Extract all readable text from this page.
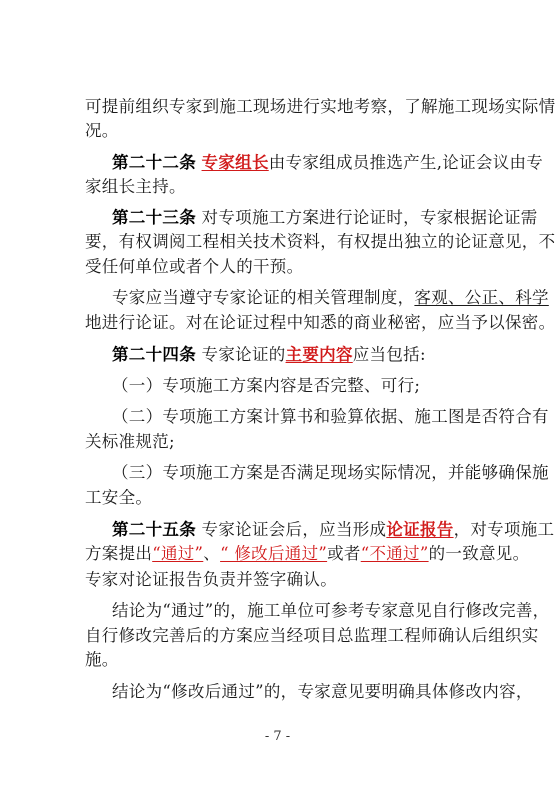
可提前组织专家到施工现场进行实地考察，了解施工现场实际情
况。
第二十二条 专家组长由专家组成员推选产生,论证会议由专
家组长主持。
第二十三条 对专项施工方案进行论证时，专家根据论证需
要，有权调阅工程相关技术资料，有权提出独立的论证意见，不
受任何单位或者个人的干预。
专家应当遵守专家论证的相关管理制度，客观、公正、科学
地进行论证。对在论证过程中知悉的商业秘密，应当予以保密。
第二十四条 专家论证的主要内容应当包括:
（一）专项施工方案内容是否完整、可行;
（二）专项施工方案计算书和验算依据、施工图是否符合有
关标准规范;
（三）专项施工方案是否满足现场实际情况，并能够确保施
工安全。
第二十五条 专家论证会后，应当形成论证报告，对专项施工
方案提出“通过”、“ 修改后通过”或者“不通过”的一致意见。
专家对论证报告负责并签字确认。
结论为“通过”的，施工单位可参考专家意见自行修改完善，
自行修改完善后的方案应当经项目总监理工程师确认后组织实
施。
结论为“修改后通过”的，专家意见要明确具体修改内容，
- 7 -
